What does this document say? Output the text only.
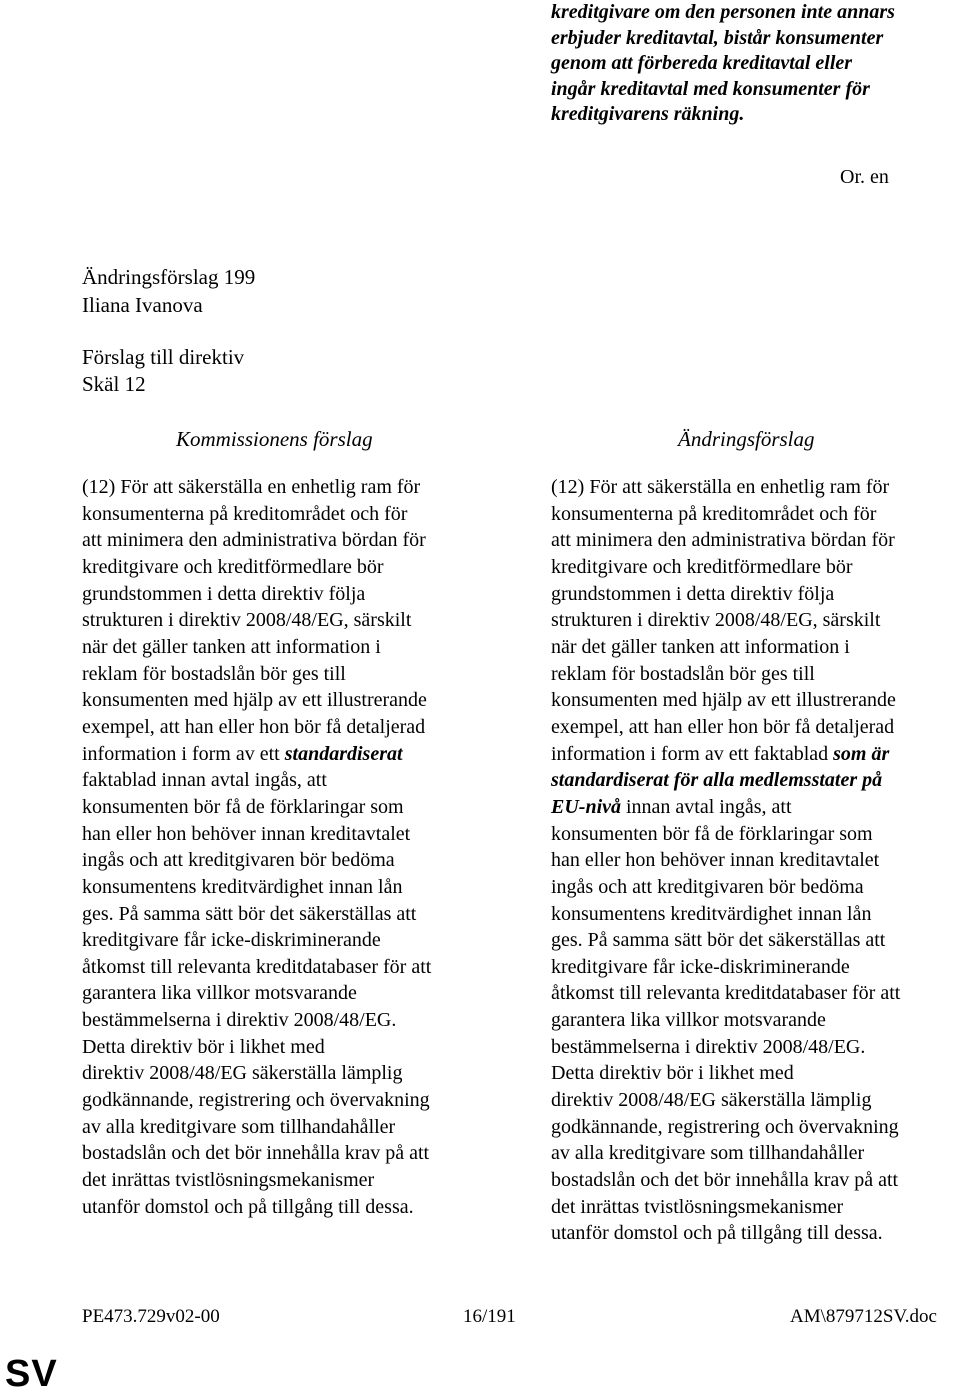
kreditgivare om den personen inte annars
erbjuder kreditavtal, bistår konsumenter
genom att förbereda kreditavtal eller
ingår kreditavtal med konsumenter för
kreditgivarens räkning.
Or. en
Ändringsförslag 199
Iliana Ivanova
Förslag till direktiv
Skäl 12
Kommissionens förslag	Ändringsförslag
(12) För att säkerställa en enhetlig ram för
konsumenterna på kreditområdet och för
att minimera den administrativa bördan för
kreditgivare och kreditförmedlare bör
grundstommen i detta direktiv följa
strukturen i direktiv 2008/48/EG, särskilt
när det gäller tanken att information i
reklam för bostadslån bör ges till
konsumenten med hjälp av ett illustrerande
exempel, att han eller hon bör få detaljerad
information i form av ett standardiserat
faktablad innan avtal ingås, att
konsumenten bör få de förklaringar som
han eller hon behöver innan kreditavtalet
ingås och att kreditgivaren bör bedöma
konsumentens kreditvärdighet innan lån
ges. På samma sätt bör det säkerställas att
kreditgivare får icke-diskriminerande
åtkomst till relevanta kreditdatabaser för att
garantera lika villkor motsvarande
bestämmelserna i direktiv 2008/48/EG.
Detta direktiv bör i likhet med
direktiv 2008/48/EG säkerställa lämplig
godkännande, registrering och övervakning
av alla kreditgivare som tillhandahåller
bostadslån och det bör innehålla krav på att
det inrättas tvistlösningsmekanismer
utanför domstol och på tillgång till dessa.
(12) För att säkerställa en enhetlig ram för
konsumenterna på kreditområdet och för
att minimera den administrativa bördan för
kreditgivare och kreditförmedlare bör
grundstommen i detta direktiv följa
strukturen i direktiv 2008/48/EG, särskilt
när det gäller tanken att information i
reklam för bostadslån bör ges till
konsumenten med hjälp av ett illustrerande
exempel, att han eller hon bör få detaljerad
information i form av ett faktablad som är
standardiserat för alla medlemsstater på
EU-nivå innan avtal ingås, att
konsumenten bör få de förklaringar som
han eller hon behöver innan kreditavtalet
ingås och att kreditgivaren bör bedöma
konsumentens kreditvärdighet innan lån
ges. På samma sätt bör det säkerställas att
kreditgivare får icke-diskriminerande
åtkomst till relevanta kreditdatabaser för att
garantera lika villkor motsvarande
bestämmelserna i direktiv 2008/48/EG.
Detta direktiv bör i likhet med
direktiv 2008/48/EG säkerställa lämplig
godkännande, registrering och övervakning
av alla kreditgivare som tillhandahåller
bostadslån och det bör innehålla krav på att
det inrättas tvistlösningsmekanismer
utanför domstol och på tillgång till dessa.
PE473.729v02-00	16/191	AM\879712SV.doc
SV
